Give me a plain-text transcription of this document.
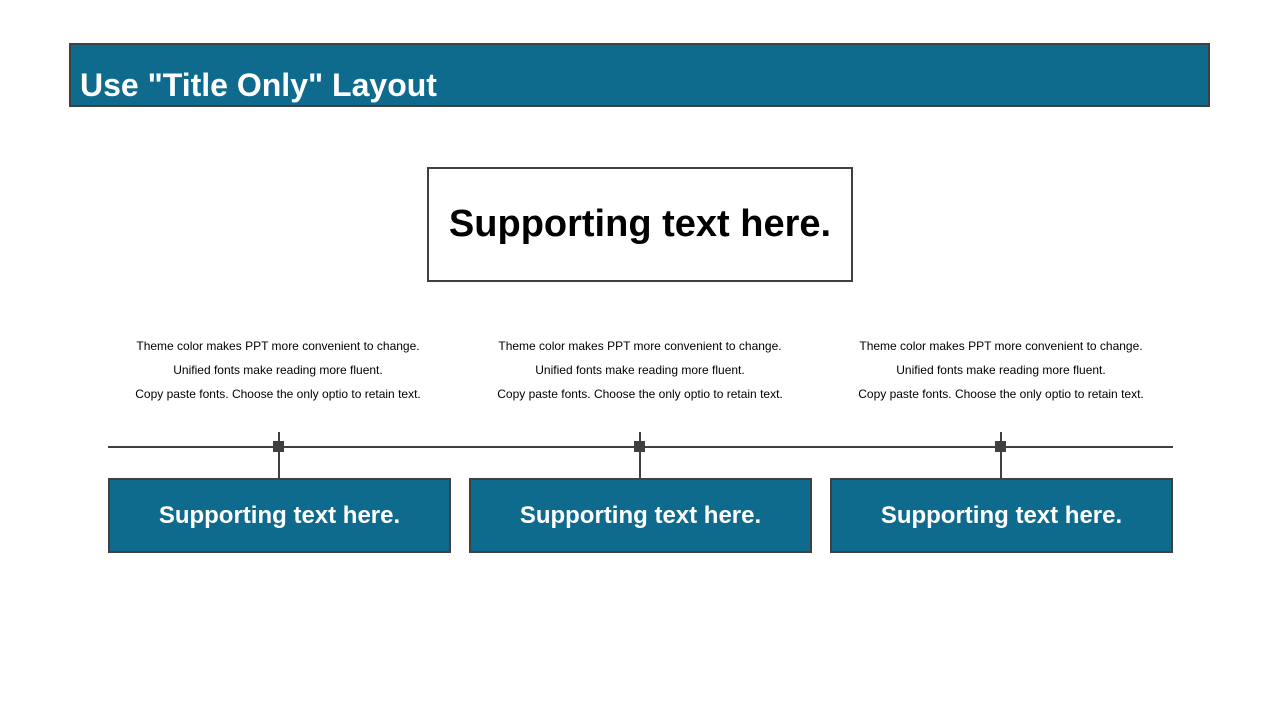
Use "Title Only" Layout
Supporting text here.
Theme color makes PPT more convenient to change.
Unified fonts make reading more fluent.
Copy paste fonts. Choose the only optio to retain text.
Theme color makes PPT more convenient to change.
Unified fonts make reading more fluent.
Copy paste fonts. Choose the only optio to retain text.
Theme color makes PPT more convenient to change.
Unified fonts make reading more fluent.
Copy paste fonts. Choose the only optio to retain text.
Supporting text here.	Supporting text here.	Supporting text here.
